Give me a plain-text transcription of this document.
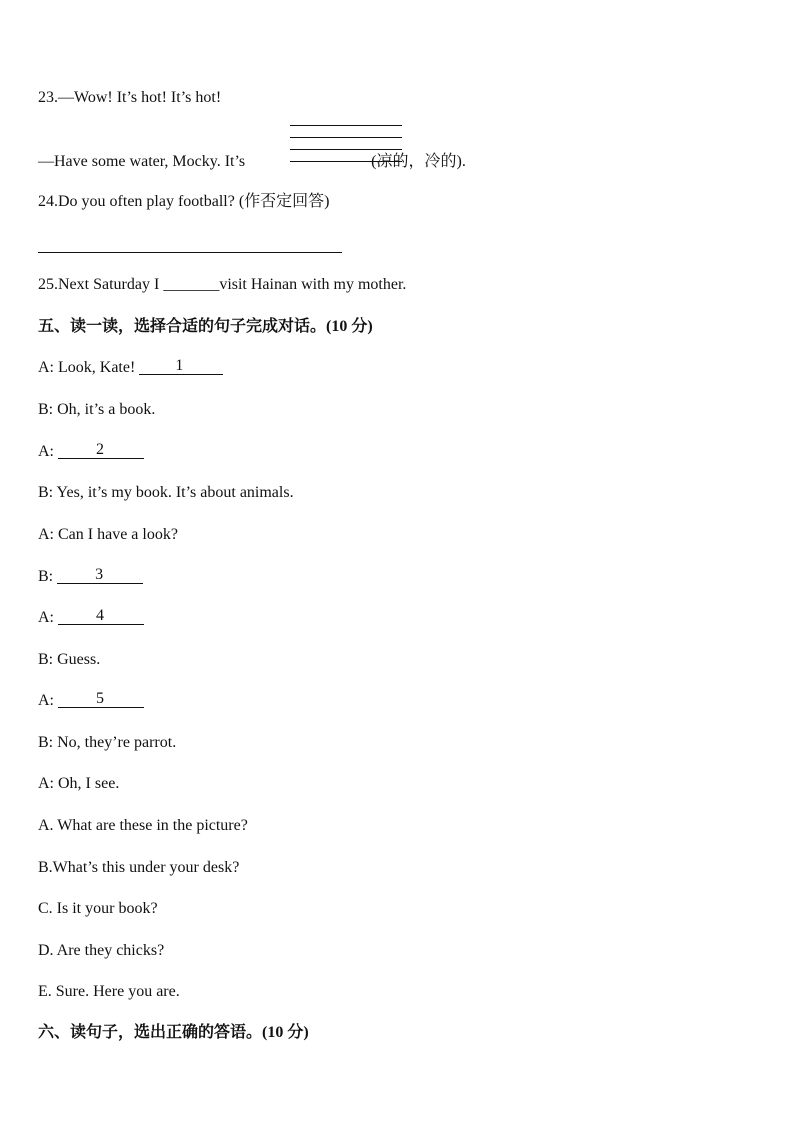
23.—Wow! It’s hot! It’s hot!
—Have some water, Mocky. It’s	(凉的，冷的).
24.Do you often play football? (作否定回答)
25.Next Saturday I _______visit Hainan with my mother.
五、读一读，选择合适的句子完成对话。(10 分)
A: Look, Kate! 1
B: Oh, it’s a book.
A: 2
B: Yes, it’s my book. It’s about animals.
A: Can I have a look?
B: 3
A: 4
B: Guess.
A: 5
B: No, they’re parrot.
A: Oh, I see.
A. What are these in the picture?
B.What’s this under your desk?
C. Is it your book?
D. Are they chicks?
E. Sure. Here you are.
六、读句子，选出正确的答语。(10 分)
